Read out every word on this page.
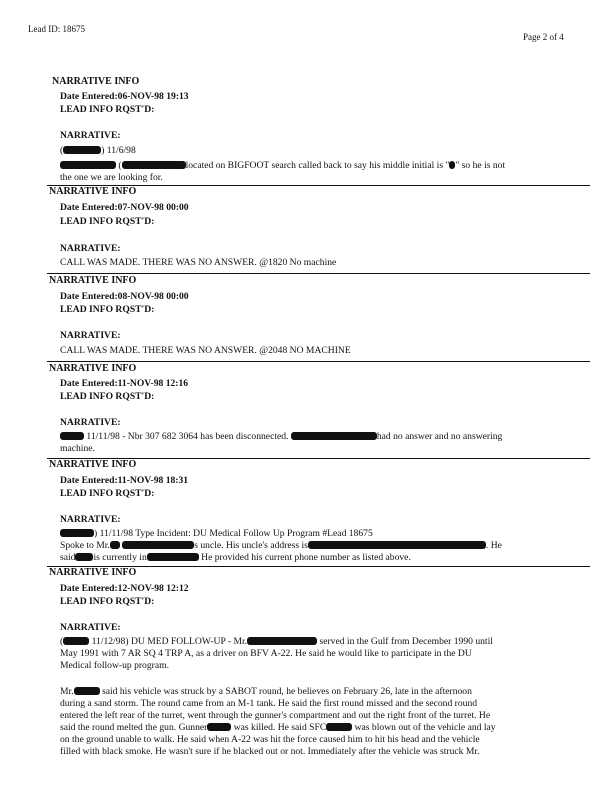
Lead ID: 18675
Page 2 of 4
NARRATIVE INFO
Date Entered:06-NOV-98 19:13
LEAD INFO RQST'D:
NARRATIVE:
(	) 11/6/98
(	located on BIGFOOT search called back to say his middle initial is " " so he is not
the one we are looking for.
NARRATIVE INFO
Date Entered:07-NOV-98 00:00
LEAD INFO RQST'D:
NARRATIVE:
CALL WAS MADE. THERE WAS NO ANSWER. @1820 No machine
NARRATIVE INFO
Date Entered:08-NOV-98 00:00
LEAD INFO RQST'D:
NARRATIVE:
CALL WAS MADE. THERE WAS NO ANSWER. @2048 NO MACHINE
NARRATIVE INFO
Date Entered:11-NOV-98 12:16
LEAD INFO RQST'D:
NARRATIVE:
11/11/98 - Nbr 307 682 3064 has been disconnected.	had no answer and no answering
machine.
NARRATIVE INFO
Date Entered:11-NOV-98 18:31
LEAD INFO RQST'D:
NARRATIVE:
) 11/11/98 Type Incident: DU Medical Follow Up Program #Lead 18675
Spoke to Mr.	s uncle. His uncle's address is	. He
said is currently in	He provided his current phone number as listed above.
NARRATIVE INFO
Date Entered:12-NOV-98 12:12
LEAD INFO RQST'D:
NARRATIVE:
(	11/12/98) DU MED FOLLOW-UP - Mr.	served in the Gulf from December 1990 until
May 1991 with 7 AR SQ 4 TRP A, as a driver on BFV A-22. He said he would like to participate in the DU
Medical follow-up program.
Mr.	said his vehicle was struck by a SABOT round, he believes on February 26, late in the afternoon
during a sand storm. The round came from an M-1 tank. He said the first round missed and the second round
entered the left rear of the turret, went through the gunner's compartment and out the right front of the turret. He
said the round melted the gun. Gunner	was killed. He said SFC	was blown out of the vehicle and lay
on the ground unable to walk. He said when A-22 was hit the force caused him to hit his head and the vehicle
filled with black smoke. He wasn't sure if he blacked out or not. Immediately after the vehicle was struck Mr.
